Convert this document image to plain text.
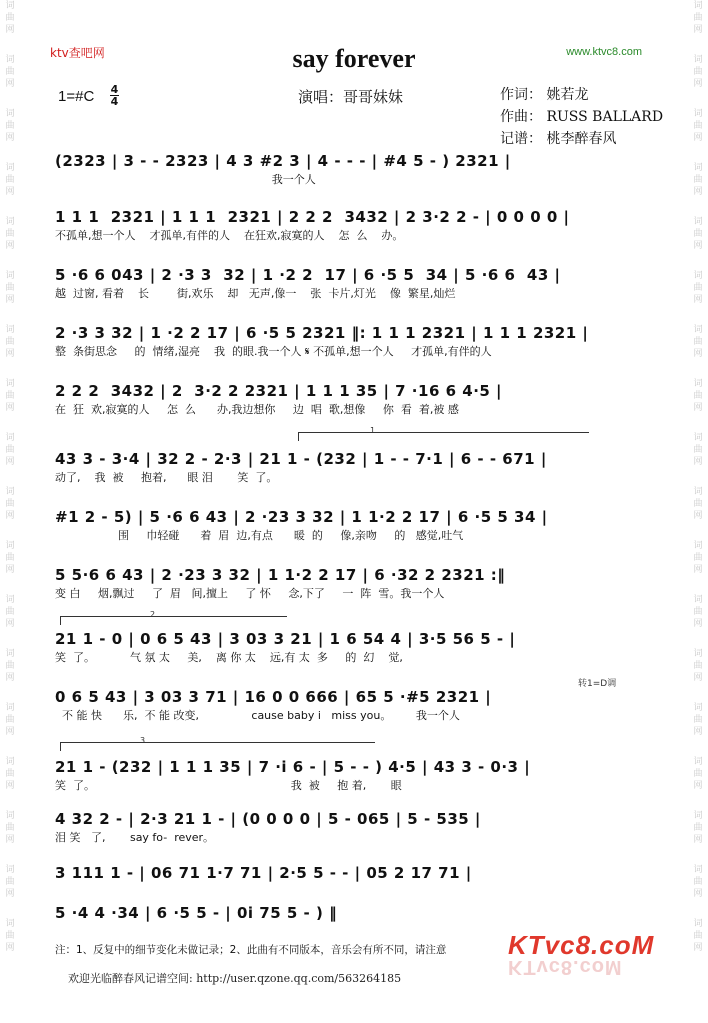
词
曲
网
词
曲
网
词
曲
网
词
曲
网
词
曲
网
词
曲
网
词
曲
网
词
曲
网
词
曲
网
词
曲
网
词
曲
网
词
曲
网
词
曲
网
词
曲
网
词
曲
网
词
曲
网
词
曲
网
词
曲
网
词
曲
网
词
曲
网
词
曲
网
词
曲
网
词
曲
网
词
曲
网
词
曲
网
词
曲
网
词
曲
网
词
曲
网
词
曲
网
词
曲
网
词
曲
网
词
曲
网
词
曲
网
词
曲
网
词
曲
网
词
曲
网
ktv查吧网	www.ktvc8.com
say forever
1=#C 4
4	演唱：哥哥妹妹	作词： 姚若龙
作曲： RUSS BALLARD
记谱： 桃李醉春风
(2323 | 3 - - 2323 | 4 3 #2 3 | 4 - - - | #4 5 - ) 2321 |
我一个人
1 1 1  2321 | 1 1 1  2321 | 2 2 2  3432 | 2 3·2 2 - | 0 0 0 0 |
不孤单,想一个人    才孤单,有伴的人    在狂欢,寂寞的人    怎  么    办。
5 ·6 6 043 | 2 ·3 3  32 | 1 ·2 2  17 | 6 ·5 5  34 | 5 ·6 6  43 |
越  过窗, 看着    长        街,欢乐    却   无声,像一    张  卡片,灯光    像  繁星,灿烂
2 ·3 3 32 | 1 ·2 2 17 | 6 ·5 5 2321 ‖: 1 1 1 2321 | 1 1 1 2321 |
整  条街思念     的  情绪,湿亮    我  的眼.我一个人 𝄋 不孤单,想一个人     才孤单,有伴的人
2 2 2  3432 | 2  3·2 2 2321 | 1 1 1 35 | 7 ·16 6 4·5 |
在  狂  欢,寂寞的人     怎  么      办,我边想你     边  唱  歌,想像     你  看  着,被 感
43 3 - 3·4 | 32 2 - 2·3 | 21 1 - (232 | 1 - - 7·1 | 6 - - 671 |
动了,    我  被     抱着,      眼 泪       笑  了。
#1 2 - 5) | 5 ·6 6 43 | 2 ·23 3 32 | 1 1·2 2 17 | 6 ·5 5 34 |
围     巾轻碰      着  眉  边,有点      暖  的     像,亲吻     的   感觉,吐气
5 5·6 6 43 | 2 ·23 3 32 | 1 1·2 2 17 | 6 ·32 2 2321 :‖
变 白     烟,飘过     了  眉   间,擅上     了 怀     念,下了     一  阵  雪。我一个人
21 1 - 0 | 0 6 5 43 | 3 03 3 21 | 1 6 54 4 | 3·5 56 5 - |
笑  了。          气 氛 太     美,    离 你 太    远,有 太  多     的  幻    觉,
0 6 5 43 | 3 03 3 71 | 16 0 0 666 | 65 5 ·#5 2321 |
不 能 快      乐,  不 能 改变,               cause baby i   miss you。       我一个人
21 1 - (232 | 1 1 1 35 | 7 ·i 6 - | 5 - - ) 4·5 | 43 3 - 0·3 |
笑  了。                                                        我  被     抱 着,       眼
4 32 2 - | 2·3 21 1 - | (0 0 0 0 | 5 - 065 | 5 - 535 |
泪 笑   了,       say fo-  rever。
3 111 1 - | 06 71 1·7 71 | 2·5 5 - - | 05 2 17 71 |
5 ·4 4 ·34 | 6 ·5 5 - | 0i 75 5 - ) ‖
1
2
3
转1=D调
注：1、反复中的细节变化未做记录；2、此曲有不同版本，音乐会有所不同，请注意
欢迎光临醉春风记谱空间: http://user.qzone.qq.com/563264185
KTvc8.coM
KTvc8.coM
